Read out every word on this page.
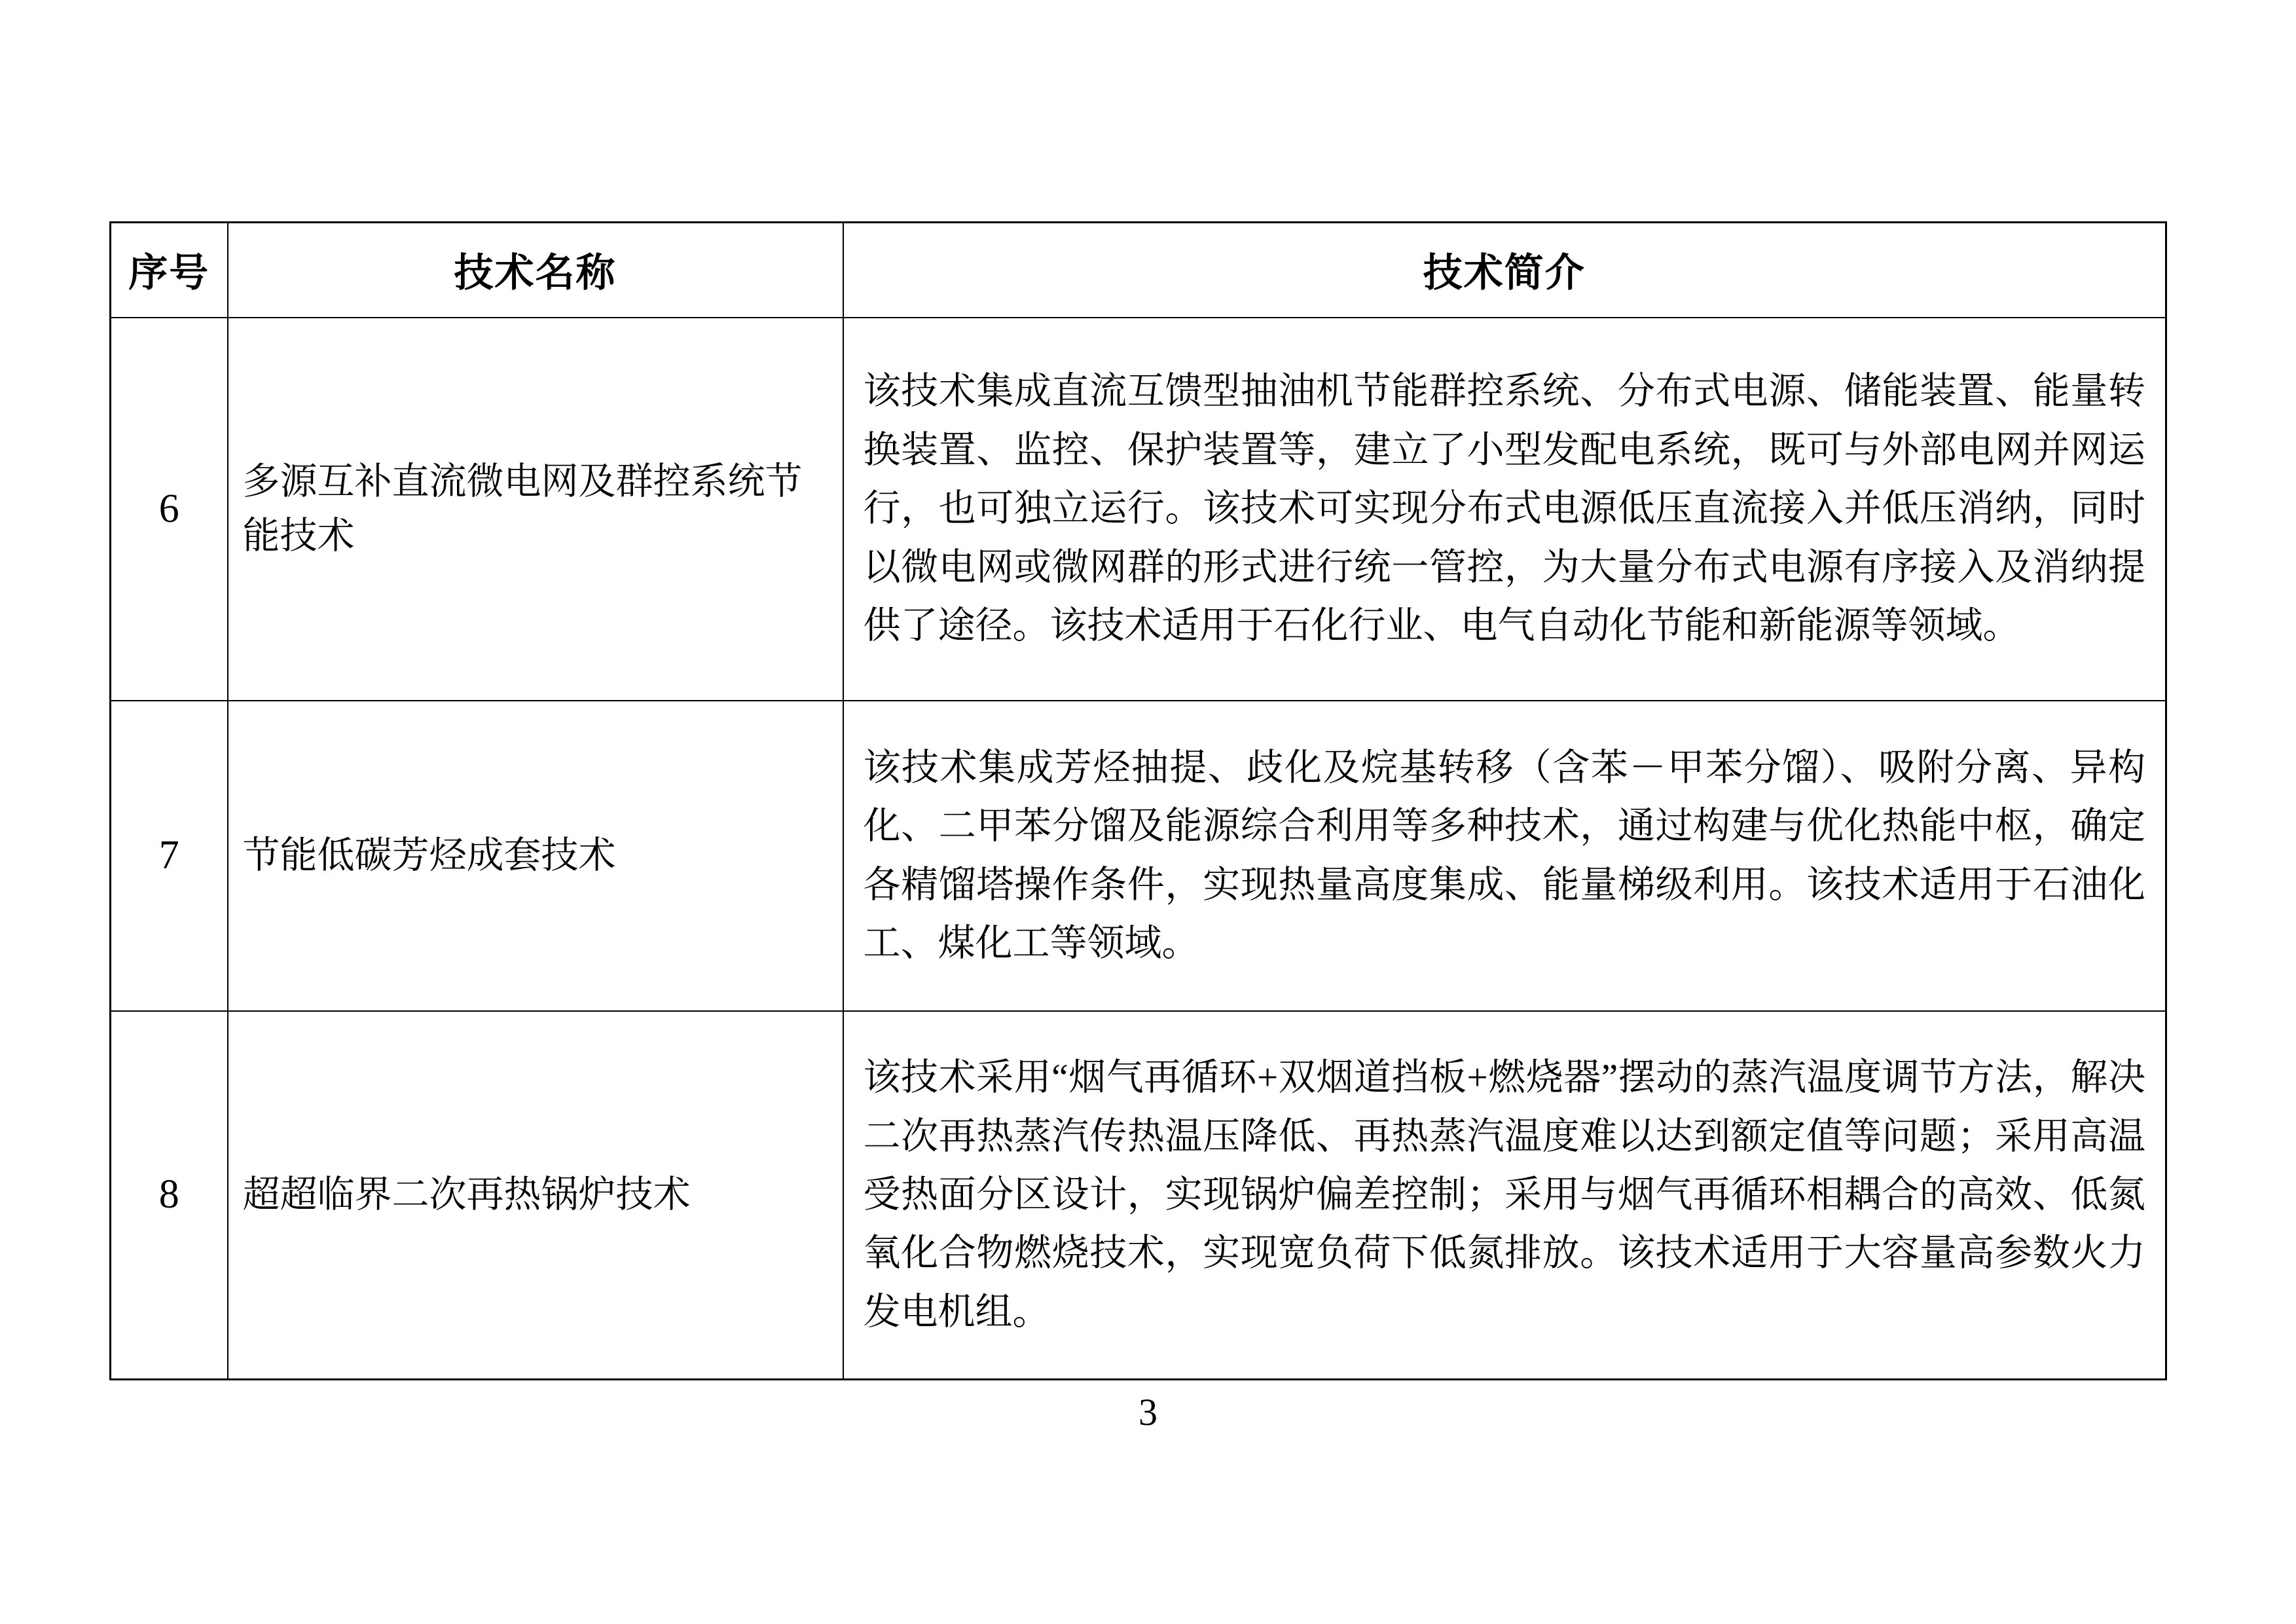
序号	技术名称	技术简介
6	多源互补直流微电网及群控系统节能技术	该技术集成直流互馈型抽油机节能群控系统、分布式电源、储能装置、能量转换装置、监控、保护装置等，建立了小型发配电系统，既可与外部电网并网运行，也可独立运行。该技术可实现分布式电源低压直流接入并低压消纳，同时以微电网或微网群的形式进行统一管控，为大量分布式电源有序接入及消纳提供了途径。该技术适用于石化行业、电气自动化节能和新能源等领域。
7	节能低碳芳烃成套技术	该技术集成芳烃抽提、歧化及烷基转移（含苯－甲苯分馏）、吸附分离、异构化、二甲苯分馏及能源综合利用等多种技术，通过构建与优化热能中枢，确定各精馏塔操作条件，实现热量高度集成、能量梯级利用。该技术适用于石油化工、煤化工等领域。
8	超超临界二次再热锅炉技术	该技术采用“烟气再循环+双烟道挡板+燃烧器”摆动的蒸汽温度调节方法，解决二次再热蒸汽传热温压降低、再热蒸汽温度难以达到额定值等问题；采用高温受热面分区设计，实现锅炉偏差控制；采用与烟气再循环相耦合的高效、低氮氧化合物燃烧技术，实现宽负荷下低氮排放。该技术适用于大容量高参数火力发电机组。
3
